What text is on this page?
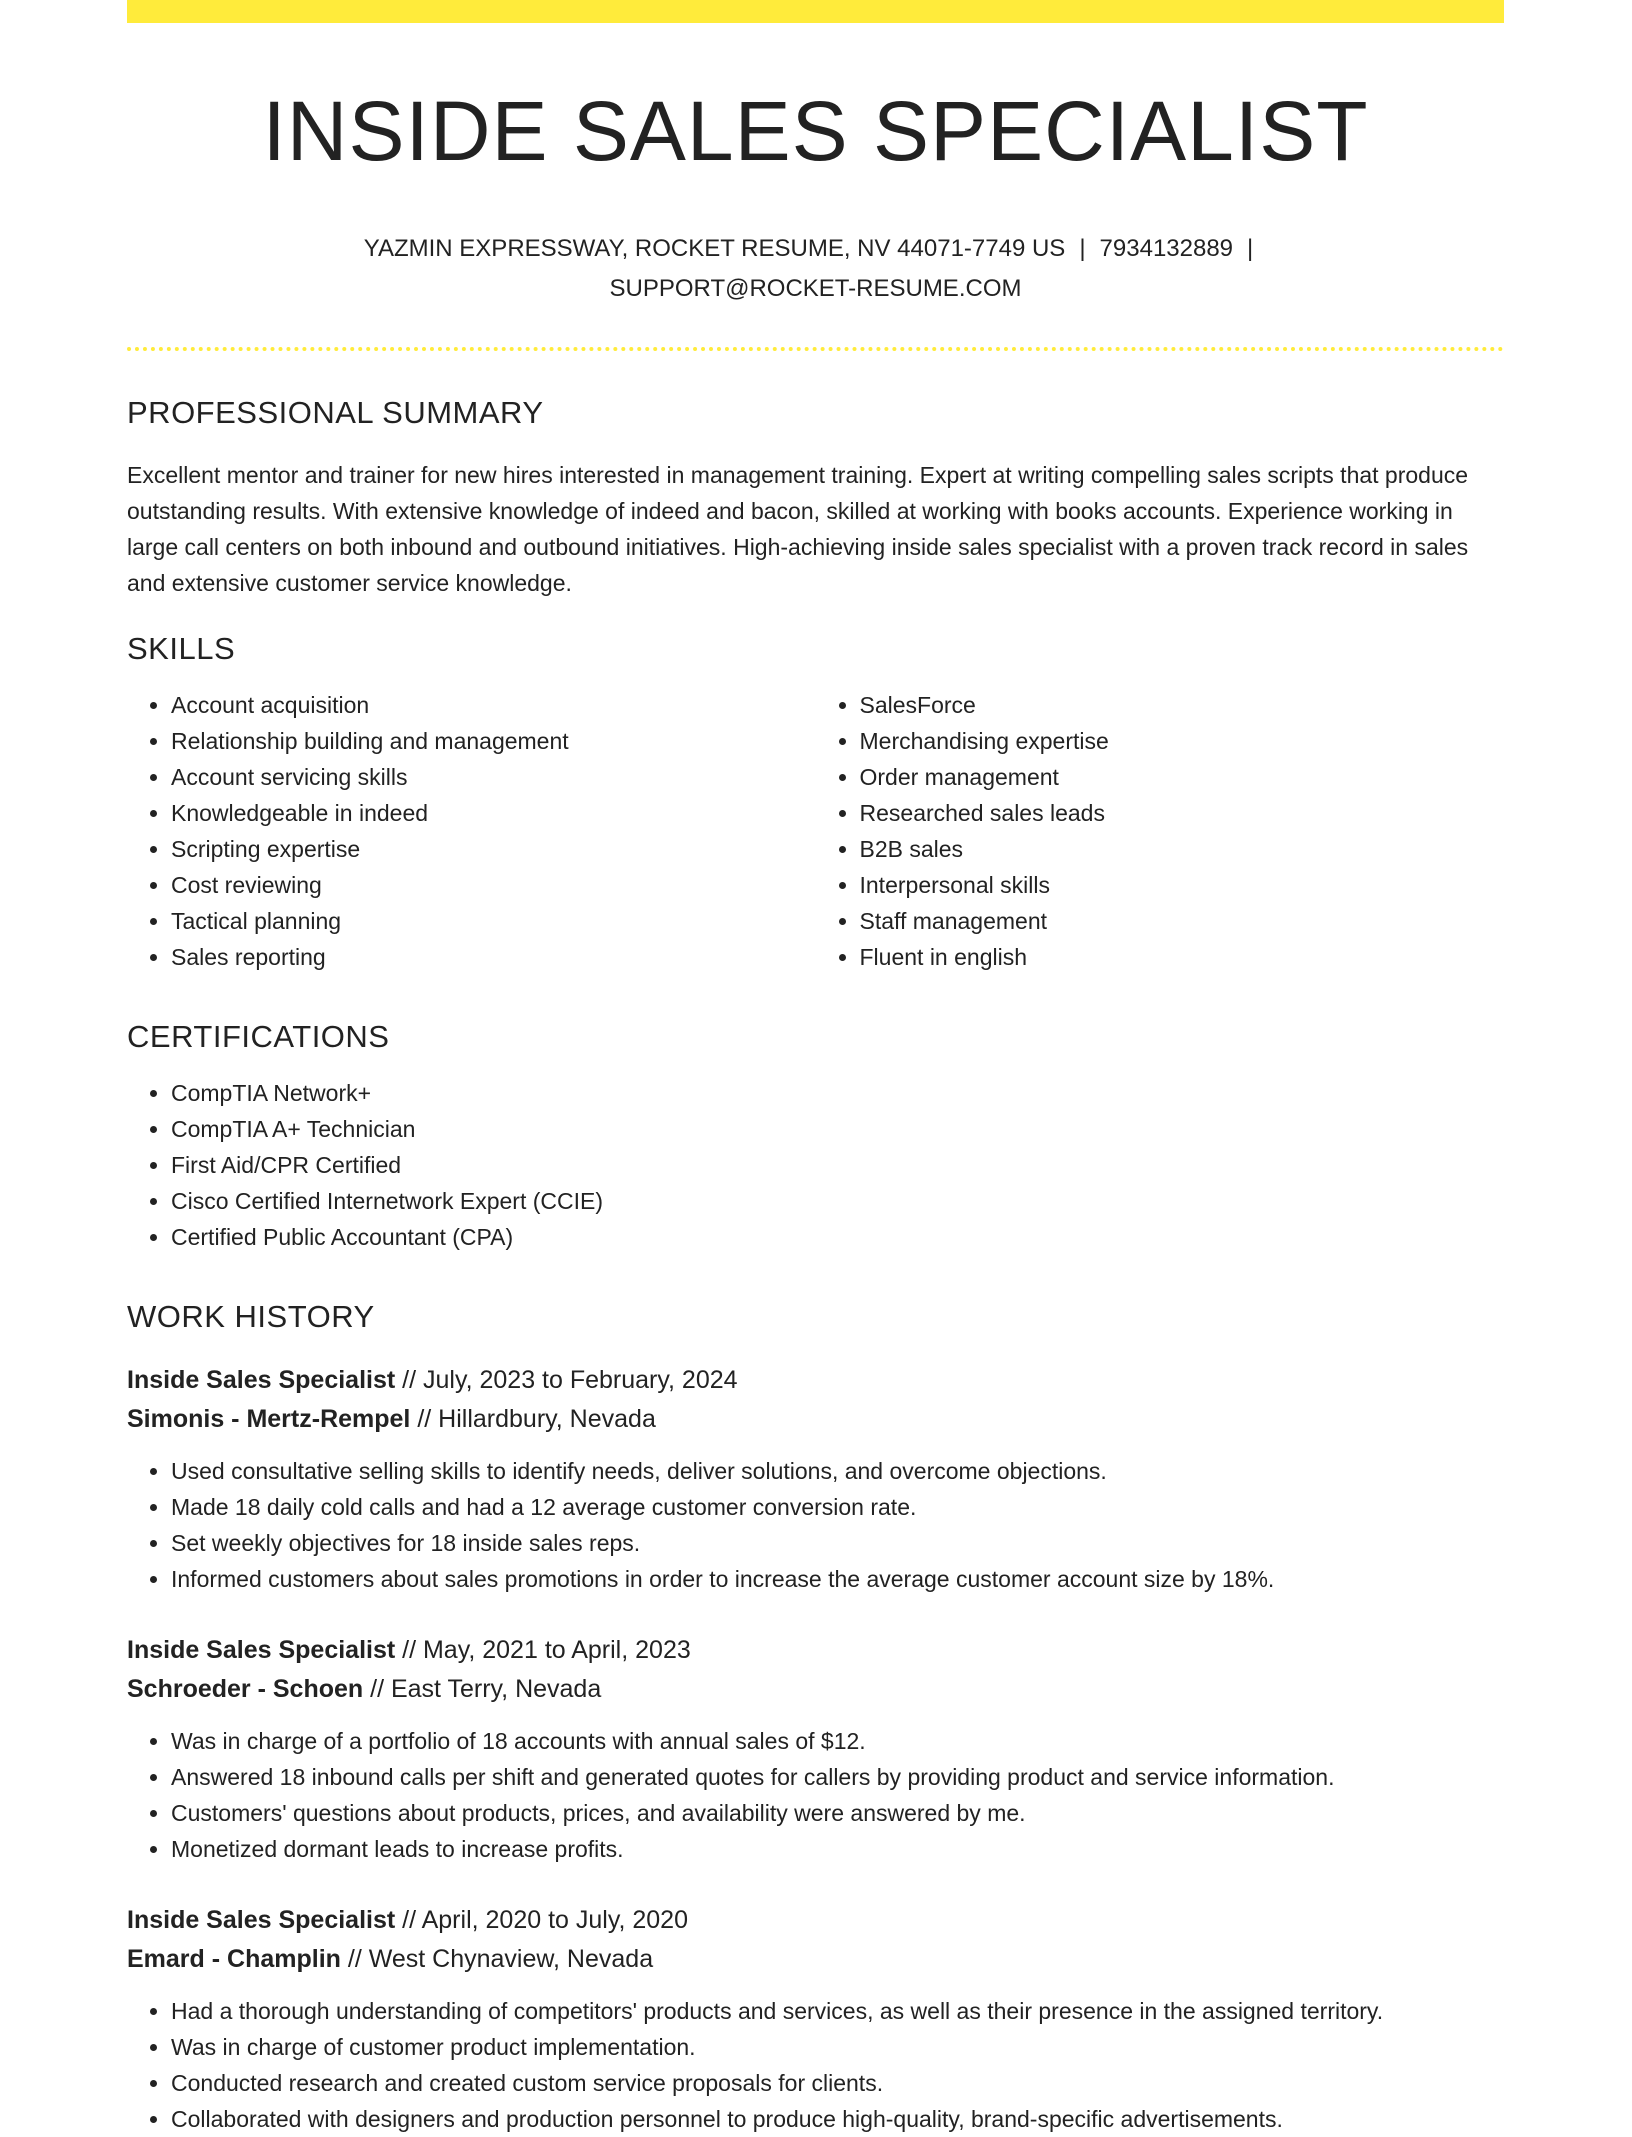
INSIDE SALES SPECIALIST
YAZMIN EXPRESSWAY, ROCKET RESUME, NV 44071-7749 US | 7934132889 |
SUPPORT@ROCKET-RESUME.COM
PROFESSIONAL SUMMARY

Excellent mentor and trainer for new hires interested in management training. Expert at writing compelling sales scripts that produce outstanding results. With extensive knowledge of indeed and bacon, skilled at working with books accounts. Experience working in large call centers on both inbound and outbound initiatives. High-achieving inside sales specialist with a proven track record in sales and extensive customer service knowledge.

SKILLS
• Account acquisition
• Relationship building and management
• Account servicing skills
• Knowledgeable in indeed
• Scripting expertise
• Cost reviewing
• Tactical planning
• Sales reporting
• SalesForce
• Merchandising expertise
• Order management
• Researched sales leads
• B2B sales
• Interpersonal skills
• Staff management
• Fluent in english
CERTIFICATIONS
• CompTIA Network+
• CompTIA A+ Technician
• First Aid/CPR Certified
• Cisco Certified Internetwork Expert (CCIE)
• Certified Public Accountant (CPA)
WORK HISTORY
Inside Sales Specialist // July, 2023 to February, 2024
Simonis - Mertz-Rempel // Hillardbury, Nevada
• Used consultative selling skills to identify needs, deliver solutions, and overcome objections.
• Made 18 daily cold calls and had a 12 average customer conversion rate.
• Set weekly objectives for 18 inside sales reps.
• Informed customers about sales promotions in order to increase the average customer account size by 18%.
Inside Sales Specialist // May, 2021 to April, 2023
Schroeder - Schoen // East Terry, Nevada
• Was in charge of a portfolio of 18 accounts with annual sales of $12.
• Answered 18 inbound calls per shift and generated quotes for callers by providing product and service information.
• Customers' questions about products, prices, and availability were answered by me.
• Monetized dormant leads to increase profits.
Inside Sales Specialist // April, 2020 to July, 2020
Emard - Champlin // West Chynaview, Nevada
• Had a thorough understanding of competitors' products and services, as well as their presence in the assigned territory.
• Was in charge of customer product implementation.
• Conducted research and created custom service proposals for clients.
• Collaborated with designers and production personnel to produce high-quality, brand-specific advertisements.
